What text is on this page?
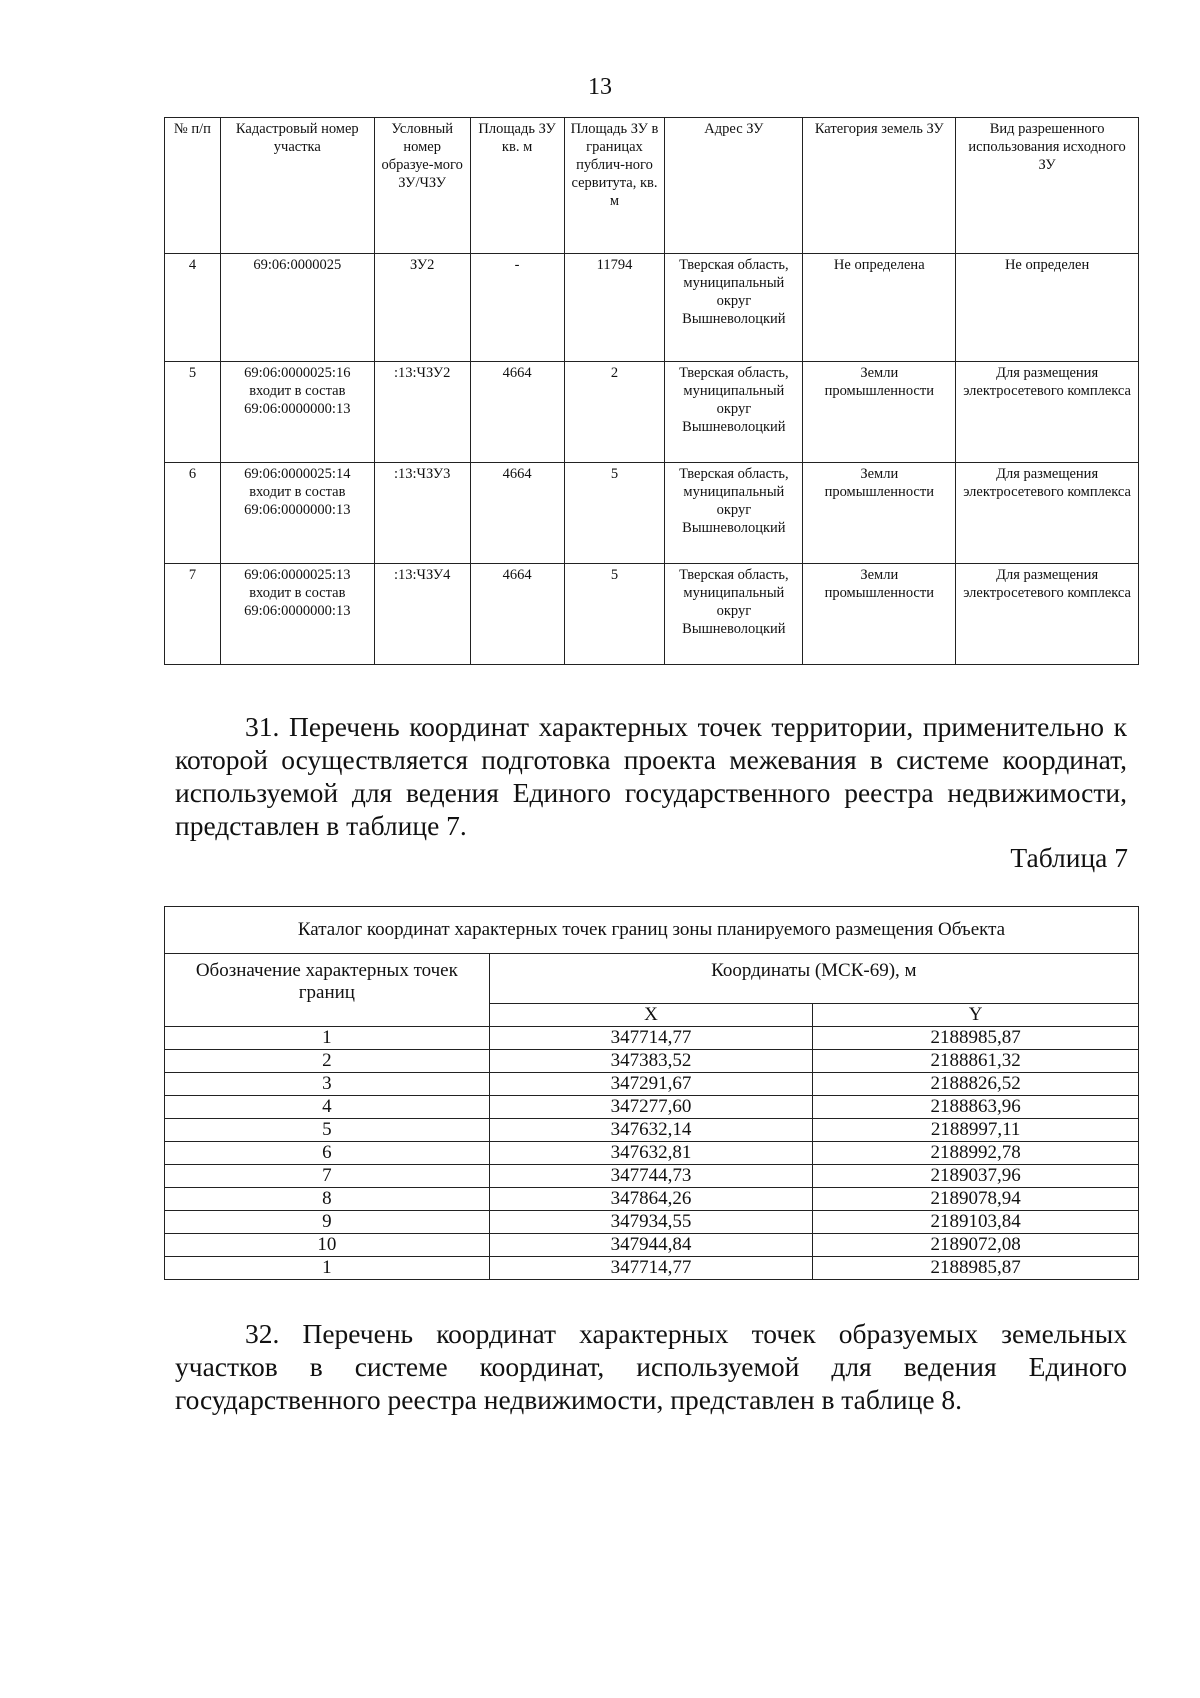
13
№ п/п	Кадастровый номер участка	Условный номер образуе-мого ЗУ/ЧЗУ	Площадь ЗУ кв. м	Площадь ЗУ в границах публич-ного сервитута, кв. м	Адрес ЗУ	Категория земель ЗУ	Вид разрешенного использования исходного ЗУ
4	69:06:0000025	ЗУ2	-	11794	Тверская область, муниципальный округ Вышневолоцкий	Не определена	Не определен
5	69:06:0000025:16 входит в состав 69:06:0000000:13	:13:ЧЗУ2	4664	2	Тверская область, муниципальный округ Вышневолоцкий	Земли промышленности	Для размещения электросетевого комплекса
6	69:06:0000025:14 входит в состав 69:06:0000000:13	:13:ЧЗУ3	4664	5	Тверская область, муниципальный округ Вышневолоцкий	Земли промышленности	Для размещения электросетевого комплекса
7	69:06:0000025:13 входит в состав 69:06:0000000:13	:13:ЧЗУ4	4664	5	Тверская область, муниципальный округ Вышневолоцкий	Земли промышленности	Для размещения электросетевого комплекса
31. Перечень координат характерных точек территории, применительно к которой осуществляется подготовка проекта межевания в системе координат, используемой для ведения Единого государственного реестра недвижимости, представлен в таблице 7.
Таблица 7
Каталог координат характерных точек границ зоны планируемого размещения Объекта		
Обозначение характерных точек границ	Координаты (МСК-69), м	
	X	Y
1	347714,77	2188985,87
2	347383,52	2188861,32
3	347291,67	2188826,52
4	347277,60	2188863,96
5	347632,14	2188997,11
6	347632,81	2188992,78
7	347744,73	2189037,96
8	347864,26	2189078,94
9	347934,55	2189103,84
10	347944,84	2189072,08
1	347714,77	2188985,87
32. Перечень координат характерных точек образуемых земельных участков в системе координат, используемой для ведения Единого государственного реестра недвижимости, представлен в таблице 8.
